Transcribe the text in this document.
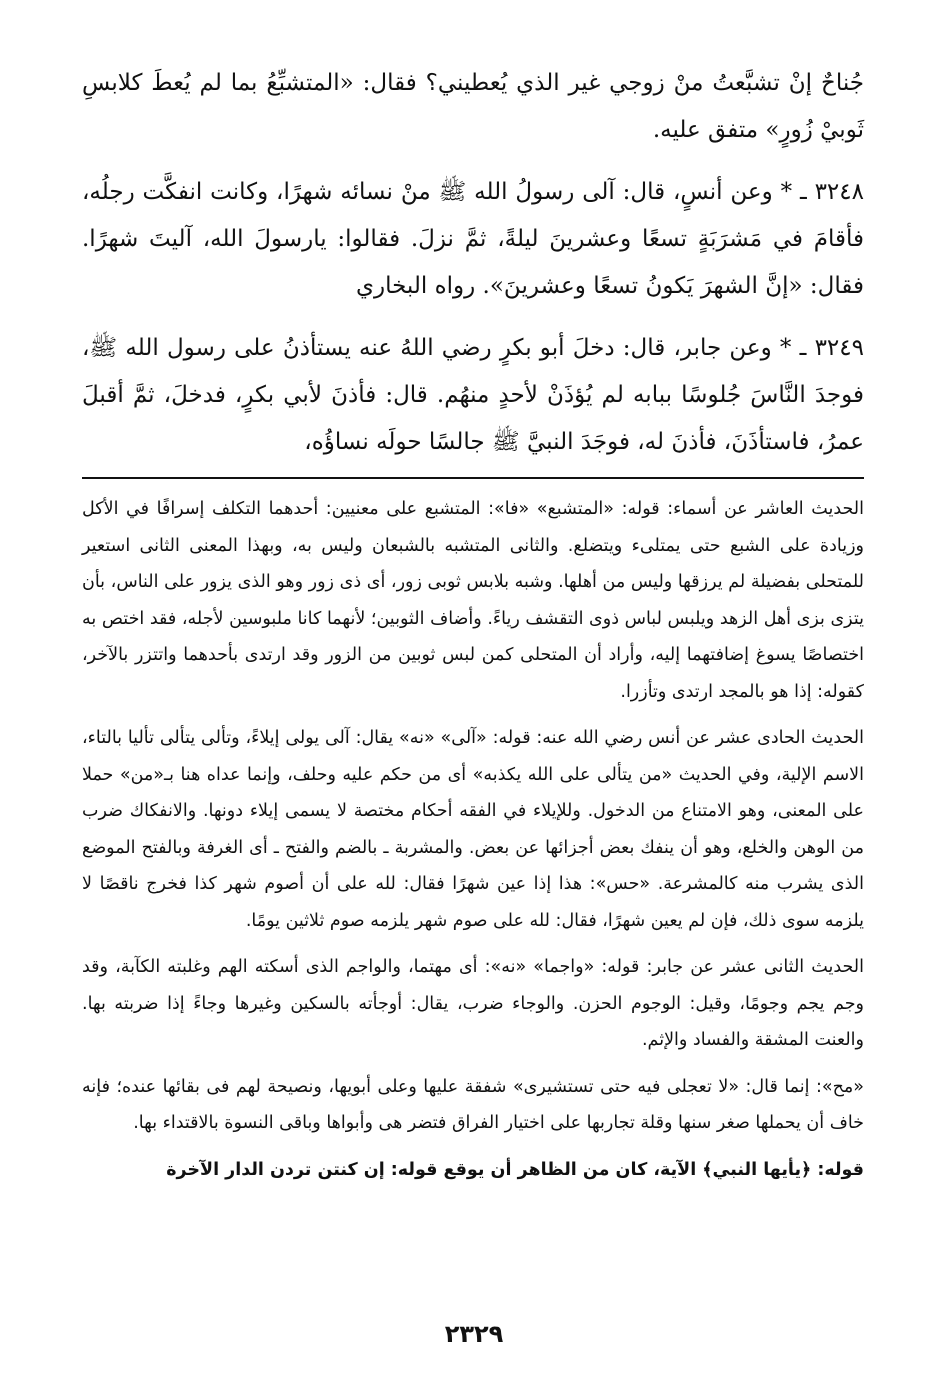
جُناحٌ إنْ تشبَّعتُ منْ زوجي غير الذي يُعطيني؟ فقال: «المتشبِّعُ بما لم يُعطَ كلابسِ ثَوبيْ زُورٍ» متفق عليه.

٣٢٤٨ ـ * وعن أنسٍ، قال: آلى رسولُ الله ﷺ منْ نسائه شهرًا، وكانت انفكَّت رجلُه، فأقامَ في مَشرَبَةٍ تسعًا وعشرينَ ليلةً، ثمَّ نزلَ. فقالوا: يارسولَ الله، آليتَ شهرًا. فقال: «إنَّ الشهرَ يَكونُ تسعًا وعشرينَ». رواه البخاري

٣٢٤٩ ـ * وعن جابر، قال: دخلَ أبو بكرٍ رضي اللهُ عنه يستأذنُ على رسول الله ﷺ، فوجدَ النَّاسَ جُلوسًا ببابه لم يُؤذَنْ لأحدٍ منهُم. قال: فأذنَ لأبي بكرٍ، فدخلَ، ثمَّ أقبلَ عمرُ، فاستأذَنَ، فأذنَ له، فوجَدَ النبيَّ ﷺ جالسًا حولَه نساؤُه،

الحديث العاشر عن أسماء: قوله: «المتشبع» «فا»: المتشبع على معنيين: أحدهما التكلف إسرافًا في الأكل وزيادة على الشبع حتى يمتلىء ويتضلع. والثانى المتشبه بالشبعان وليس به، وبهذا المعنى الثانى استعير للمتحلى بفضيلة لم يرزقها وليس من أهلها. وشبه بلابس ثوبى زور، أى ذى زور وهو الذى يزور على الناس، بأن يتزى بزى أهل الزهد ويلبس لباس ذوى التقشف رياءً. وأضاف الثوبين؛ لأنهما كانا ملبوسين لأجله، فقد اختص به اختصاصًا يسوغ إضافتهما إليه، وأراد أن المتحلى كمن لبس ثوبين من الزور وقد ارتدى بأحدهما واتتزر بالآخر، كقوله: إذا هو بالمجد ارتدى وتأزرا.

الحديث الحادى عشر عن أنس رضي الله عنه: قوله: «آلى» «نه» يقال: آلى يولى إيلاءً، وتألى يتألى تأليا بالتاء، الاسم الإلية، وفي الحديث «من يتألى على الله يكذبه» أى من حكم عليه وحلف، وإنما عداه هنا بـ«من» حملا على المعنى، وهو الامتناع من الدخول. وللإيلاء في الفقه أحكام مختصة لا يسمى إيلاء دونها. والانفكاك ضرب من الوهن والخلع، وهو أن ينفك بعض أجزائها عن بعض. والمشربة ـ بالضم والفتح ـ أى الغرفة وبالفتح الموضع الذى يشرب منه كالمشرعة. «حس»: هذا إذا عين شهرًا فقال: لله على أن أصوم شهر كذا فخرج ناقصًا لا يلزمه سوى ذلك، فإن لم يعين شهرًا، فقال: لله على صوم شهر يلزمه صوم ثلاثين يومًا.

الحديث الثانى عشر عن جابر: قوله: «واجما» «نه»: أى مهتما، والواجم الذى أسكته الهم وغلبته الكآبة، وقد وجم يجم وجومًا، وقيل: الوجوم الحزن. والوجاء ضرب، يقال: أوجأته بالسكين وغيرها وجاءً إذا ضربته بها. والعنت المشقة والفساد والإثم.

«مح»: إنما قال: «لا تعجلى فيه حتى تستشيرى» شفقة عليها وعلى أبويها، ونصيحة لهم فى بقائها عنده؛ فإنه خاف أن يحملها صغر سنها وقلة تجاربها على اختيار الفراق فتضر هى وأبواها وباقى النسوة بالاقتداء بها.

قوله: ﴿يأيها النبي﴾ الآية، كان من الظاهر أن يوقع قوله: إن كنتن تردن الدار الآخرة

٢٣٢٩
